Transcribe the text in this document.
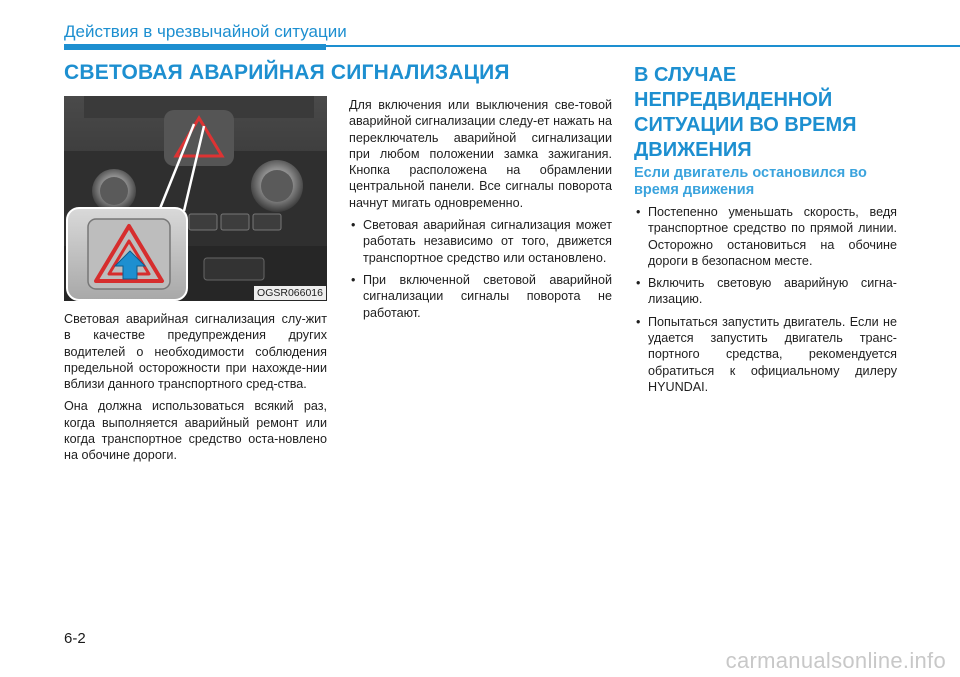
Действия в чрезвычайной ситуации
СВЕТОВАЯ АВАРИЙНАЯ СИГНАЛИЗАЦИЯ
OGSR066016

Световая аварийная сигнализация слу-жит в качестве предупреждения других водителей о необходимости соблюдения предельной осторожности при нахожде-нии вблизи данного транспортного сред-ства.

Она должна использоваться всякий раз, когда выполняется аварийный ремонт или когда транспортное средство оста-новлено на обочине дороги.

Для включения или выключения све-товой аварийной сигнализации следу-ет нажать на переключатель аварийной сигнализации при любом положении замка зажигания. Кнопка расположена на обрамлении центральной панели. Все сигналы поворота начнут мигать одновременно.

• Световая аварийная сигнализация может работать независимо от того, движется транспортное средство или остановлено.
• При включенной световой аварийной сигнализации сигналы поворота не работают.
В СЛУЧАЕ НЕПРЕДВИДЕННОЙ СИТУАЦИИ ВО ВРЕМЯ ДВИЖЕНИЯ
Если двигатель остановился во время движения
• Постепенно уменьшать скорость, ведя транспортное средство по прямой линии. Осторожно остановиться на обочине дороги в безопасном месте.
• Включить световую аварийную сигна-лизацию.
• Попытаться запустить двигатель. Если не удается запустить двигатель транс-портного средства, рекомендуется обратиться к официальному дилеру HYUNDAI.
6-2
carmanualsonline.info
